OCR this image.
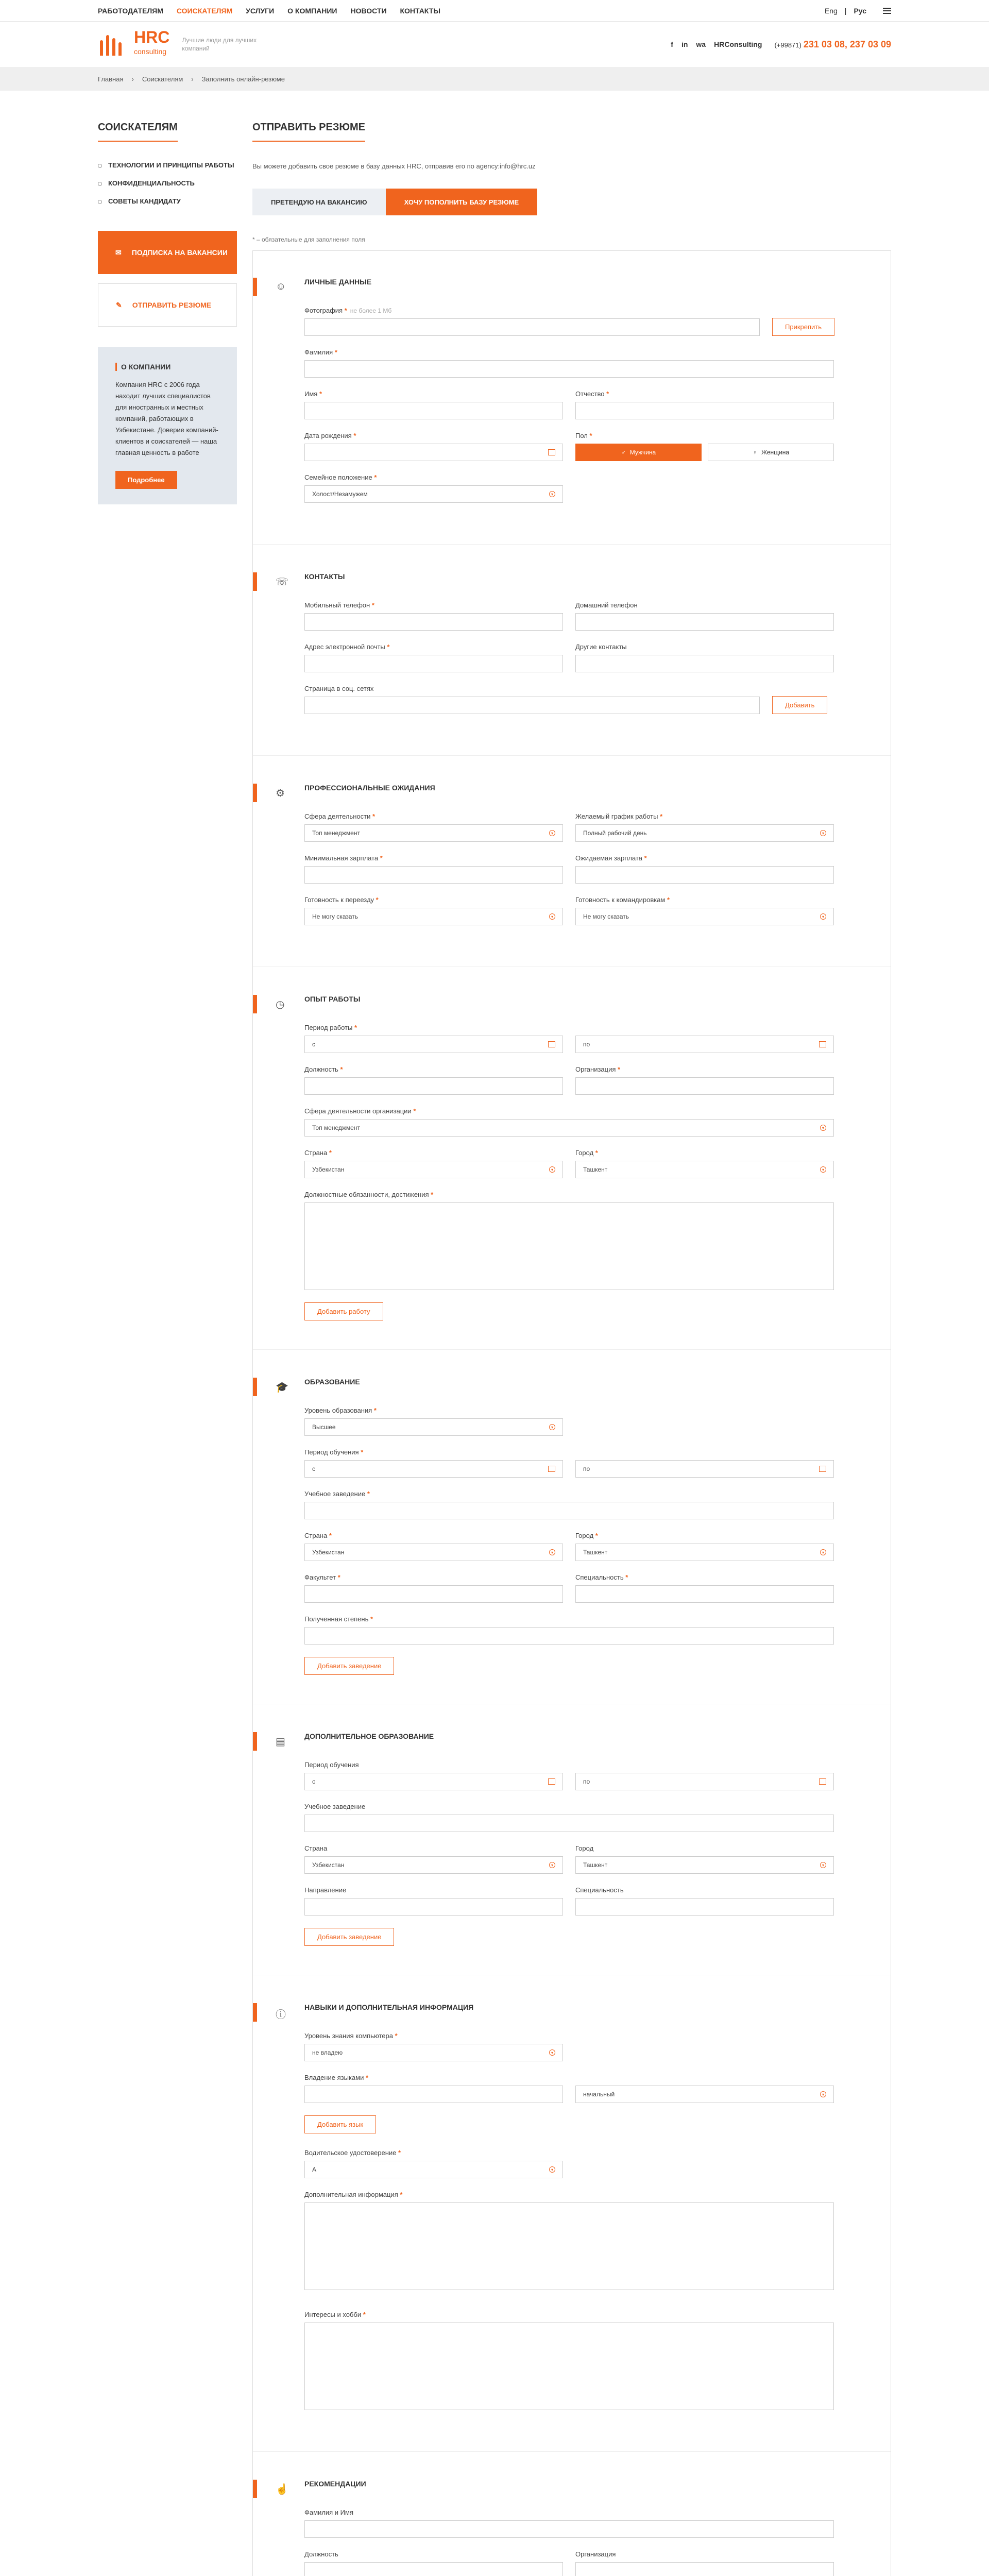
РАБОТОДАТЕЛЯМ СОИСКАТЕЛЯМ УСЛУГИ О КОМПАНИИ НОВОСТИ КОНТАКТЫ	Eng | Рус
HRC
consulting
Лучшие люди для лучших компаний	f in wa HRConsulting (+99871) 231 03 08, 237 03 09
Главная › Соискателям › Заполнить онлайн-резюме
СОИСКАТЕЛЯМ
ТЕХНОЛОГИИ И ПРИНЦИПЫ РАБОТЫ
КОНФИДЕНЦИАЛЬНОСТЬ
СОВЕТЫ КАНДИДАТУ
✉ ПОДПИСКА НА ВАКАНСИИ
✎ ОТПРАВИТЬ РЕЗЮМЕ
О КОМПАНИИ

Компания HRC с 2006 года находит лучших специалистов для иностранных и местных компаний, работающих в Узбекистане. Доверие компаний-клиентов и соискателей — наша главная ценность в работе

Подробнее
ОТПРАВИТЬ РЕЗЮМЕ

Вы можете добавить свое резюме в базу данных HRC, отправив его по agency:info@hrc.uz

ПРЕТЕНДУЮ НА ВАКАНСИЮ	ХОЧУ ПОПОЛНИТЬ БАЗУ РЕЗЮМЕ
* – обязательные для заполнения поля
☺	ЛИЧНЫЕ ДАННЫЕ
Фотография * не более 1 Мб
Прикрепить
Фамилия *
Имя *	Отчество *
Дата рождения *	Пол *
♂ Мужчина	♀ Женщина
Семейное положение *
Холост/Незамужем	▾
☏ КОНТАКТЫ
Мобильный телефон *	Домашний телефон
Адрес электронной почты *	Другие контакты
Страница в соц. сетях
Добавить
⚙	ПРОФЕССИОНАЛЬНЫЕ ОЖИДАНИЯ
Сфера деятельности *
Топ менеджмент	▾
Желаемый график работы *
Полный рабочий день	▾
Минимальная зарплата *	Ожидаемая зарплата *
Готовность к переезду *
Не могу сказать	▾
Готовность к командировкам *
Не могу сказать	▾
◷	ОПЫТ РАБОТЫ
Период работы *
с	по
Должность *	Организация *
Сфера деятельности организации *
Топ менеджмент	▾
Страна *
Узбекистан	▾
Город *
Ташкент	▾
Должностные обязанности, достижения *
Добавить работу
🎓 ОБРАЗОВАНИЕ
Уровень образования *
Высшее	▾
Период обучения *
с	по
Учебное заведение *
Страна *
Узбекистан	▾
Город *
Ташкент	▾
Факультет *	Специальность *
Полученная степень *
Добавить заведение
▤	ДОПОЛНИТЕЛЬНОЕ ОБРАЗОВАНИЕ
Период обучения
с	по
Учебное заведение
Страна
Узбекистан	▾
Город
Ташкент	▾
Направление	Специальность
Добавить заведение
ⓘ
НАВЫКИ И ДОПОЛНИТЕЛЬНАЯ ИНФОРМАЦИЯ
Уровень знания компьютера *
не владею	▾
Владение языками *
начальный	▾
Добавить язык
Водительское удостоверение *
A	▾
Дополнительная информация *
Интересы и хобби *
☝ РЕКОМЕНДАЦИИ
Фамилия и Имя
Должность	Организация
